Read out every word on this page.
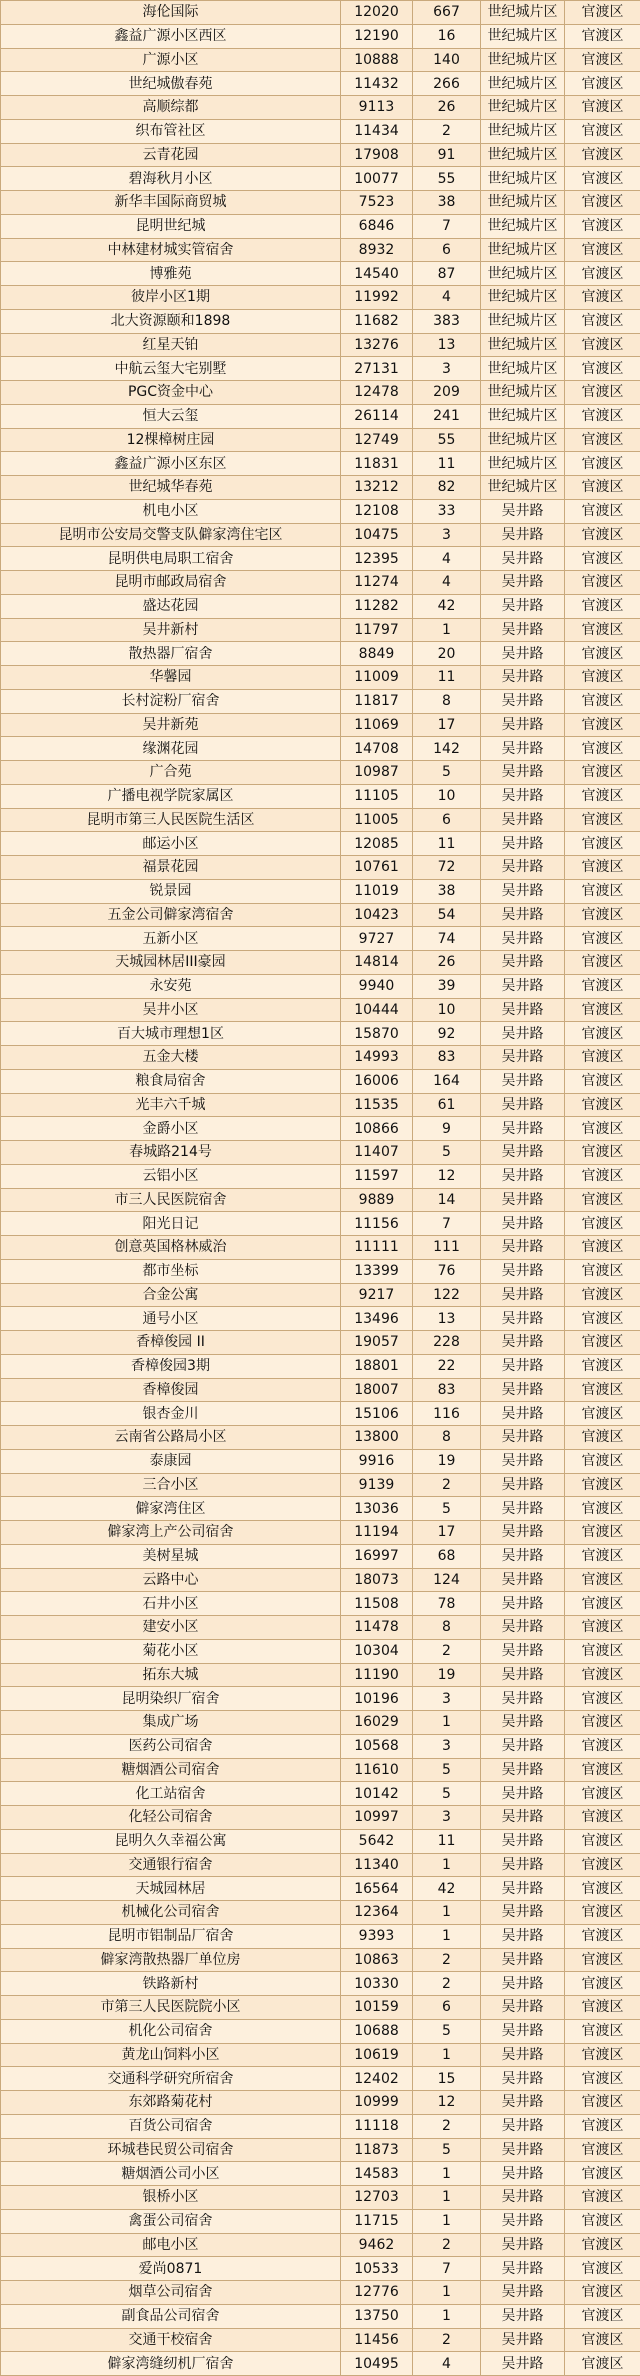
海伦国际	12020	667	世纪城片区	官渡区
鑫益广源小区西区	12190	16	世纪城片区	官渡区
广源小区	10888	140	世纪城片区	官渡区
世纪城傲春苑	11432	266	世纪城片区	官渡区
高顺综都	9113	26	世纪城片区	官渡区
织布管社区	11434	2	世纪城片区	官渡区
云青花园	17908	91	世纪城片区	官渡区
碧海秋月小区	10077	55	世纪城片区	官渡区
新华丰国际商贸城	7523	38	世纪城片区	官渡区
昆明世纪城	6846	7	世纪城片区	官渡区
中林建材城实管宿舍	8932	6	世纪城片区	官渡区
博雅苑	14540	87	世纪城片区	官渡区
彼岸小区1期	11992	4	世纪城片区	官渡区
北大资源颐和1898	11682	383	世纪城片区	官渡区
红星天铂	13276	13	世纪城片区	官渡区
中航云玺大宅别墅	27131	3	世纪城片区	官渡区
PGC资金中心	12478	209	世纪城片区	官渡区
恒大云玺	26114	241	世纪城片区	官渡区
12棵樟树庄园	12749	55	世纪城片区	官渡区
鑫益广源小区东区	11831	11	世纪城片区	官渡区
世纪城华春苑	13212	82	世纪城片区	官渡区
机电小区	12108	33	吴井路	官渡区
昆明市公安局交警支队僻家湾住宅区	10475	3	吴井路	官渡区
昆明供电局职工宿舍	12395	4	吴井路	官渡区
昆明市邮政局宿舍	11274	4	吴井路	官渡区
盛达花园	11282	42	吴井路	官渡区
吴井新村	11797	1	吴井路	官渡区
散热器厂宿舍	8849	20	吴井路	官渡区
华馨园	11009	11	吴井路	官渡区
长村淀粉厂宿舍	11817	8	吴井路	官渡区
吴井新苑	11069	17	吴井路	官渡区
缘渊花园	14708	142	吴井路	官渡区
广合苑	10987	5	吴井路	官渡区
广播电视学院家属区	11105	10	吴井路	官渡区
昆明市第三人民医院生活区	11005	6	吴井路	官渡区
邮运小区	12085	11	吴井路	官渡区
福景花园	10761	72	吴井路	官渡区
锐景园	11019	38	吴井路	官渡区
五金公司僻家湾宿舍	10423	54	吴井路	官渡区
五新小区	9727	74	吴井路	官渡区
天城园林居III豪园	14814	26	吴井路	官渡区
永安苑	9940	39	吴井路	官渡区
吴井小区	10444	10	吴井路	官渡区
百大城市理想1区	15870	92	吴井路	官渡区
五金大楼	14993	83	吴井路	官渡区
粮食局宿舍	16006	164	吴井路	官渡区
光丰六千城	11535	61	吴井路	官渡区
金爵小区	10866	9	吴井路	官渡区
春城路214号	11407	5	吴井路	官渡区
云铝小区	11597	12	吴井路	官渡区
市三人民医院宿舍	9889	14	吴井路	官渡区
阳光日记	11156	7	吴井路	官渡区
创意英国格林威治	11111	111	吴井路	官渡区
都市坐标	13399	76	吴井路	官渡区
合金公寓	9217	122	吴井路	官渡区
通号小区	13496	13	吴井路	官渡区
香樟俊园 II	19057	228	吴井路	官渡区
香樟俊园3期	18801	22	吴井路	官渡区
香樟俊园	18007	83	吴井路	官渡区
银杏金川	15106	116	吴井路	官渡区
云南省公路局小区	13800	8	吴井路	官渡区
泰康园	9916	19	吴井路	官渡区
三合小区	9139	2	吴井路	官渡区
僻家湾住区	13036	5	吴井路	官渡区
僻家湾上产公司宿舍	11194	17	吴井路	官渡区
美树星城	16997	68	吴井路	官渡区
云路中心	18073	124	吴井路	官渡区
石井小区	11508	78	吴井路	官渡区
建安小区	11478	8	吴井路	官渡区
菊花小区	10304	2	吴井路	官渡区
拓东大城	11190	19	吴井路	官渡区
昆明染织厂宿舍	10196	3	吴井路	官渡区
集成广场	16029	1	吴井路	官渡区
医药公司宿舍	10568	3	吴井路	官渡区
糖烟酒公司宿舍	11610	5	吴井路	官渡区
化工站宿舍	10142	5	吴井路	官渡区
化轻公司宿舍	10997	3	吴井路	官渡区
昆明久久幸福公寓	5642	11	吴井路	官渡区
交通银行宿舍	11340	1	吴井路	官渡区
天城园林居	16564	42	吴井路	官渡区
机械化公司宿舍	12364	1	吴井路	官渡区
昆明市铝制品厂宿舍	9393	1	吴井路	官渡区
僻家湾散热器厂单位房	10863	2	吴井路	官渡区
铁路新村	10330	2	吴井路	官渡区
市第三人民医院院小区	10159	6	吴井路	官渡区
机化公司宿舍	10688	5	吴井路	官渡区
黄龙山饲料小区	10619	1	吴井路	官渡区
交通科学研究所宿舍	12402	15	吴井路	官渡区
东郊路菊花村	10999	12	吴井路	官渡区
百货公司宿舍	11118	2	吴井路	官渡区
环城巷民贸公司宿舍	11873	5	吴井路	官渡区
糖烟酒公司小区	14583	1	吴井路	官渡区
银桥小区	12703	1	吴井路	官渡区
禽蛋公司宿舍	11715	1	吴井路	官渡区
邮电小区	9462	2	吴井路	官渡区
爱尚0871	10533	7	吴井路	官渡区
烟草公司宿舍	12776	1	吴井路	官渡区
副食品公司宿舍	13750	1	吴井路	官渡区
交通干校宿舍	11456	2	吴井路	官渡区
僻家湾缝纫机厂宿舍	10495	4	吴井路	官渡区
